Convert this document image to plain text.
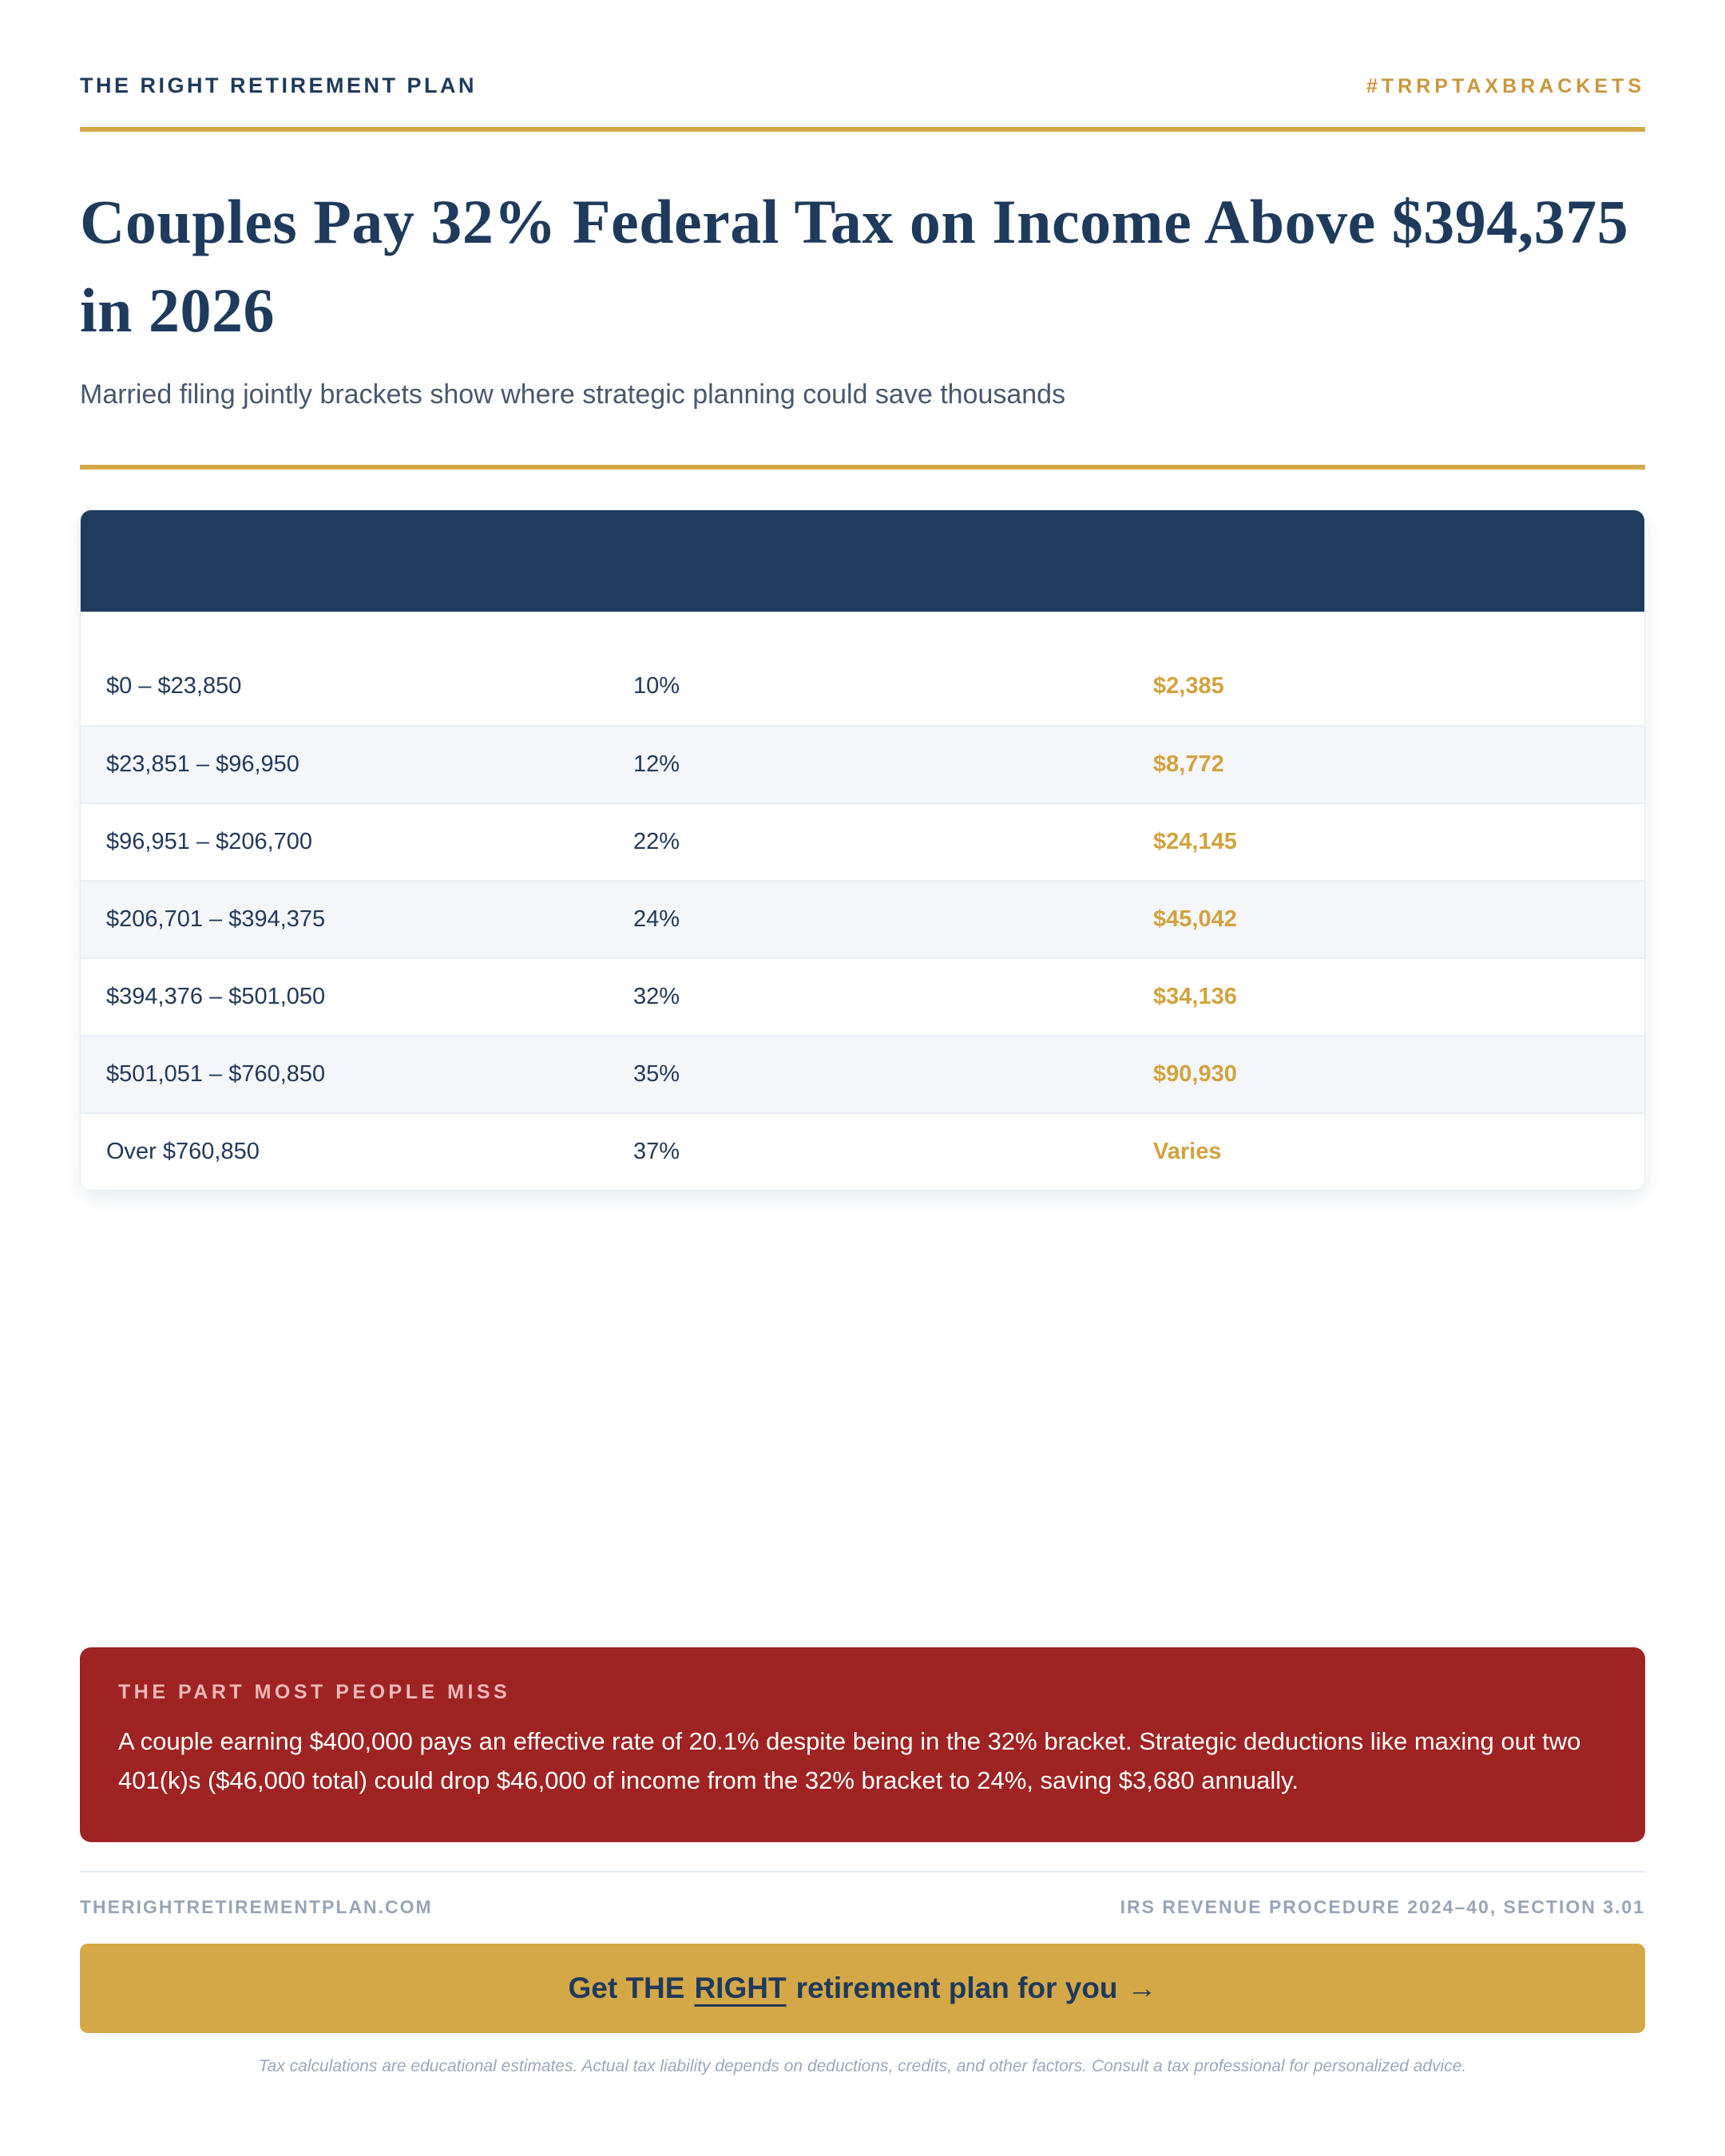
THE RIGHT RETIREMENT PLAN	#TRRPTAXBRACKETS
Couples Pay 32% Federal Tax on Income Above $394,375 in 2026
Married filing jointly brackets show where strategic planning could save thousands
$0 – $23,850	10%	$2,385
$23,851 – $96,950	12%	$8,772
$96,951 – $206,700	22%	$24,145
$206,701 – $394,375	24%	$45,042
$394,376 – $501,050	32%	$34,136
$501,051 – $760,850	35%	$90,930
Over $760,850	37%	Varies
THE PART MOST PEOPLE MISS
A couple earning $400,000 pays an effective rate of 20.1% despite being in the 32% bracket. Strategic deductions like maxing out two 401(k)s ($46,000 total) could drop $46,000 of income from the 32% bracket to 24%, saving $3,680 annually.
THERIGHTRETIREMENTPLAN.COM	IRS REVENUE PROCEDURE 2024–40, SECTION 3.01
Get THE RIGHT retirement plan for you →
Tax calculations are educational estimates. Actual tax liability depends on deductions, credits, and other factors. Consult a tax professional for personalized advice.
